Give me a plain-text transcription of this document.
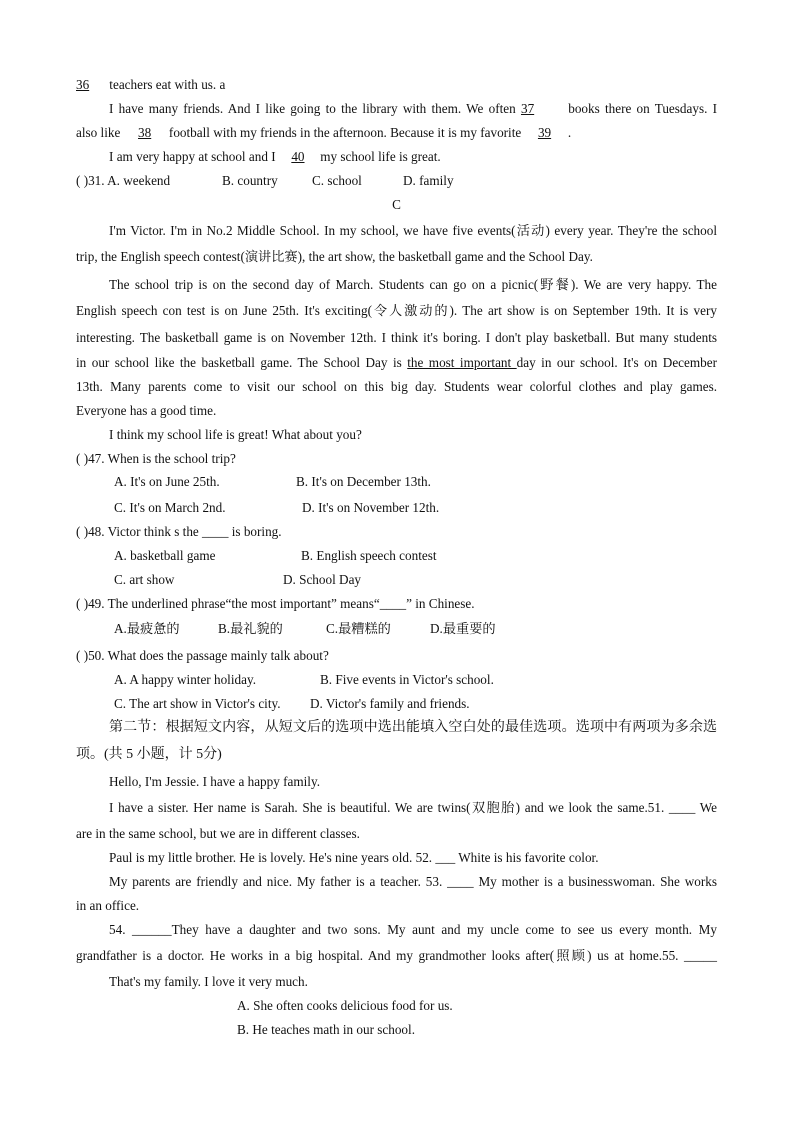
36 teachers eat with us. a
I have many friends. And I like going to the library with them. We often 37 books there on Tuesdays. I
also like 38 football with my friends in the afternoon. Because it is my favorite 39 .
I am very happy at school and I 40 my school life is great.
( )31. A. weekend	B. country	C. school	D. family
C
I'm Victor. I'm in No.2 Middle School. In my school, we have five events(活动) every year. They're the school
trip, the English speech contest(演讲比赛), the art show, the basketball game and the School Day.
The school trip is on the second day of March. Students can go on a picnic(野餐). We are very happy. The
English speech con test is on June 25th. It's exciting(令人激动的). The art show is on September 19th. It is very
interesting. The basketball game is on November 12th. I think it's boring. I don't play basketball. But many students
in our school like the basketball game. The School Day is the most important day in our school. It's on December
13th. Many parents come to visit our school on this big day. Students wear colorful clothes and play games.
Everyone has a good time.
I think my school life is great! What about you?
( )47. When is the school trip?
A. It's on June 25th.	B. It's on December 13th.
C. It's on March 2nd.	D. It's on November 12th.
( )48. Victor think s the ____ is boring.
A. basketball game	B. English speech contest
C. art show	D. School Day
( )49. The underlined phrase“the most important” means“____” in Chinese.
A.最疲惫的	B.最礼貌的	C.最糟糕的	D.最重要的
( )50. What does the passage mainly talk about?
A. A happy winter holiday.	B. Five events in Victor's school.
C. The art show in Victor's city. D. Victor's family and friends.
第二节：根据短文内容，从短文后的选项中选出能填入空白处的最佳选项。选项中有两项为多余选
项。(共 5 小题，计 5分)
Hello, I'm Jessie. I have a happy family.
I have a sister. Her name is Sarah. She is beautiful. We are twins(双胞胎) and we look the same.51. ____ We
are in the same school, but we are in different classes.
Paul is my little brother. He is lovely. He's nine years old. 52. ___ White is his favorite color.
My parents are friendly and nice. My father is a teacher. 53. ____ My mother is a businesswoman. She works
in an office.
54. ______They have a daughter and two sons. My aunt and my uncle come to see us every month. My
grandfather is a doctor. He works in a big hospital. And my grandmother looks after(照顾) us at home.55. _____
That's my family. I love it very much.
A. She often cooks delicious food for us.
B. He teaches math in our school.
